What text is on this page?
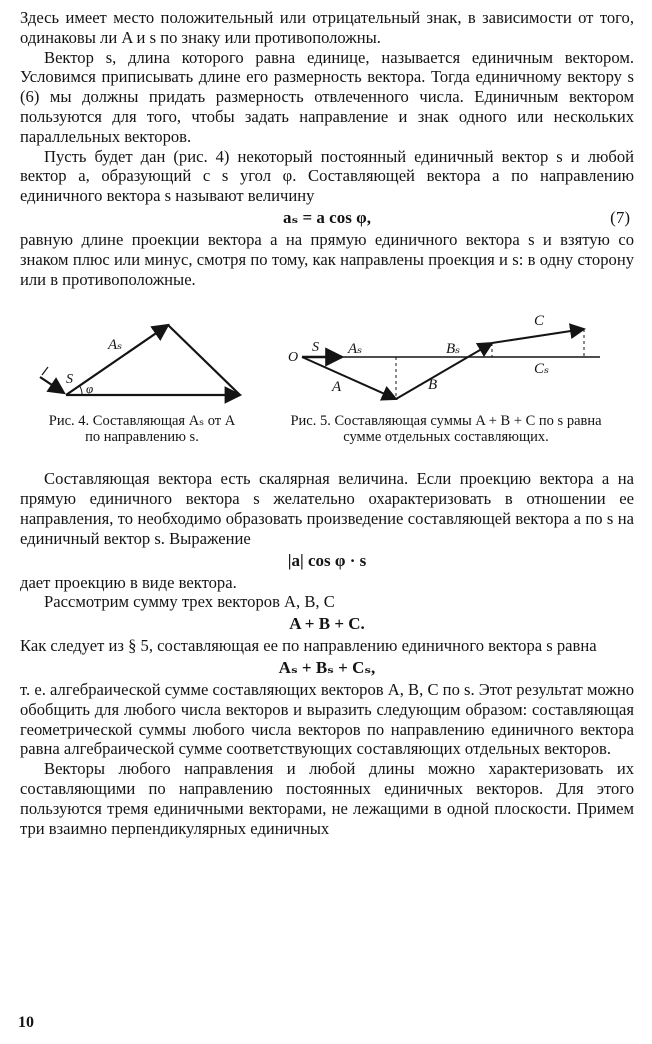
Здесь имеет место положительный или отрицательный знак, в зависимости от того, одинаковы ли A и s по знаку или противоположны.

Вектор s, длина которого равна единице, называется единичным вектором. Условимся приписывать длине его размерность вектора. Тогда единичному вектору s (6) мы должны придать размерность отвлеченного числа. Единичным вектором пользуются для того, чтобы задать направление и знак одного или нескольких параллельных векторов.

Пусть будет дан (рис. 4) некоторый постоянный единичный вектор s и любой вектор a, образующий с s угол φ. Составляющей вектора a по направлению единичного вектора s называют величину

aₛ = a cos φ,	(7)

равную длине проекции вектора a на прямую единичного вектора s и взятую со знаком плюс или минус, смотря по тому, как направлены проекция и s: в одну сторону или в противоположные.

Aₛ
S
φ
O
S Aₛ	Bₛ
C
Cₛ
A	B
Рис. 4. Составляющая Aₛ от A по направлению s.
Рис. 5. Составляющая суммы A + B + C по s равна сумме отдельных составляющих.

Составляющая вектора есть скалярная величина. Если проекцию вектора a на прямую единичного вектора s желательно охарактеризовать в отношении ее направления, то необходимо образовать произведение составляющей вектора a по s на единичный вектор s. Выражение

|a| cos φ · s

дает проекцию в виде вектора.

Рассмотрим сумму трех векторов A, B, C

A + B + C.

Как следует из § 5, составляющая ее по направлению единичного вектора s равна

Aₛ + Bₛ + Cₛ,

т. е. алгебраической сумме составляющих векторов A, B, C по s. Этот результат можно обобщить для любого числа векторов и выразить следующим образом: составляющая геометрической суммы любого числа векторов по направлению единичного вектора равна алгебраической сумме соответствующих составляющих отдельных векторов.

Векторы любого направления и любой длины можно характеризовать их составляющими по направлению постоянных единичных векторов. Для этого пользуются тремя единичными векторами, не лежащими в одной плоскости. Примем три взаимно перпендикулярных единичных

10
